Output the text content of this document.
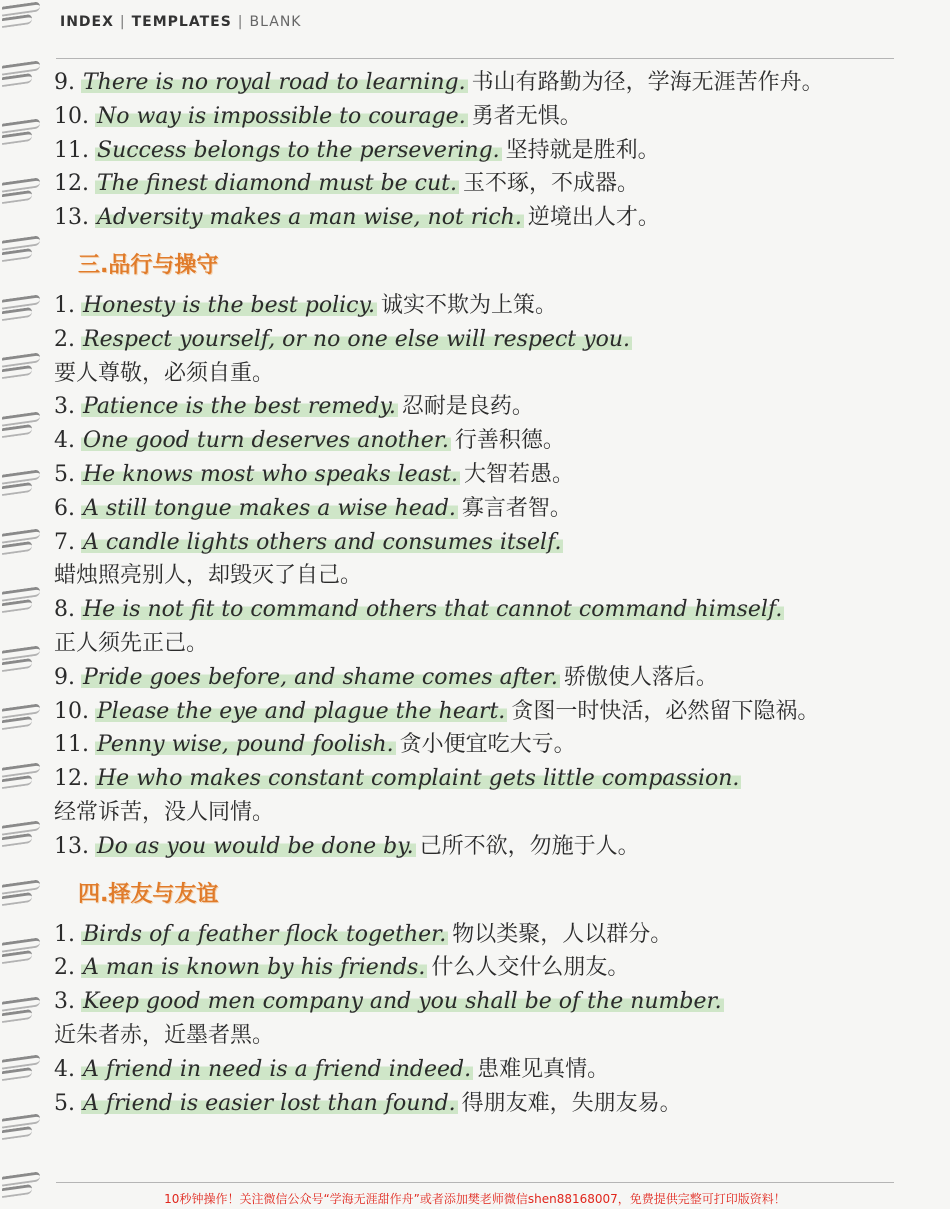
INDEX | TEMPLATES | BLANK
9. There is no royal road to learning. 书山有路勤为径，学海无涯苦作舟。
10. No way is impossible to courage. 勇者无惧。
11. Success belongs to the persevering. 坚持就是胜利。
12. The finest diamond must be cut. 玉不琢，不成器。
13. Adversity makes a man wise, not rich. 逆境出人才。
三.品行与操守
1. Honesty is the best policy. 诚实不欺为上策。
2. Respect yourself, or no one else will respect you.
要人尊敬，必须自重。
3. Patience is the best remedy. 忍耐是良药。
4. One good turn deserves another. 行善积德。
5. He knows most who speaks least. 大智若愚。
6. A still tongue makes a wise head. 寡言者智。
7. A candle lights others and consumes itself.
蜡烛照亮别人，却毁灭了自己。
8. He is not fit to command others that cannot command himself.
正人须先正己。
9. Pride goes before, and shame comes after. 骄傲使人落后。
10. Please the eye and plague the heart. 贪图一时快活，必然留下隐祸。
11. Penny wise, pound foolish. 贪小便宜吃大亏。
12. He who makes constant complaint gets little compassion.
经常诉苦，没人同情。
13. Do as you would be done by. 己所不欲，勿施于人。
四.择友与友谊
1. Birds of a feather flock together. 物以类聚，人以群分。
2. A man is known by his friends. 什么人交什么朋友。
3. Keep good men company and you shall be of the number.
近朱者赤，近墨者黑。
4. A friend in need is a friend indeed. 患难见真情。
5. A friend is easier lost than found. 得朋友难，失朋友易。
10秒钟操作！关注微信公众号“学海无涯甜作舟”或者添加樊老师微信shen88168007，免费提供完整可打印版资料！
